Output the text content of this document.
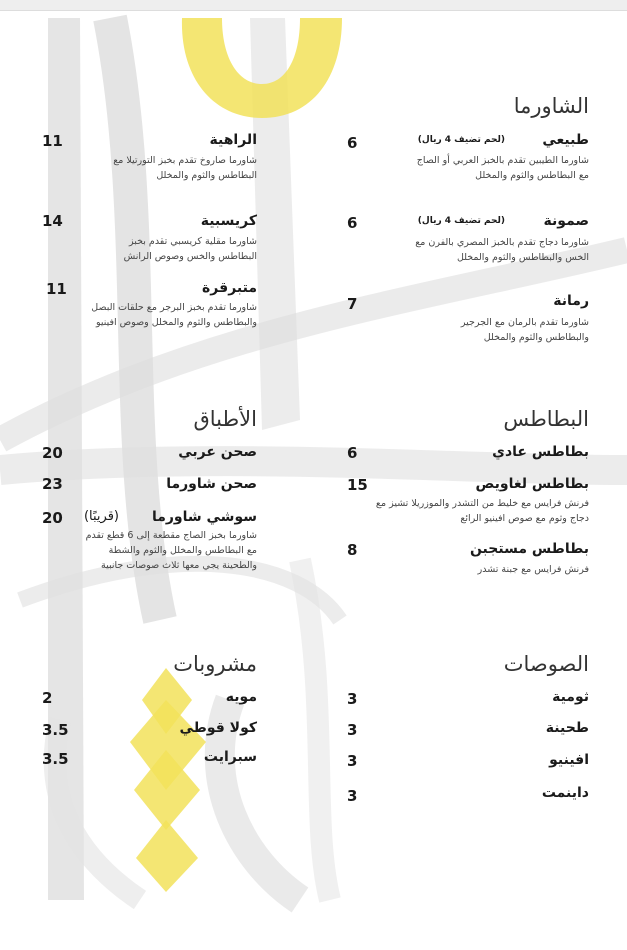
الشاورما
طبيعي
(لحم تضيف 4 ريال)
شاورما الطيبين تقدم بالخبز العربي أو الصاج مع البطاطس والثوم والمخلل
6
صمونة
(لحم تضيف 4 ريال)
شاورما دجاج تقدم بالخبز المصري بالفرن مع الخس والبطاطس والثوم والمخلل
6
رمانة
شاورما تقدم بالرمان مع الجرجير والبطاطس والثوم والمخلل
7
الراهية
شاورما صاروخ تقدم بخبز التورتيلا مع البطاطس والثوم والمخلل
11
كريسبية
شاورما مقلية كريسبي تقدم بخبز البطاطس والخس وصوص الرانش
14
متبرقرة
شاورما تقدم بخبز البرجر مع حلقات البصل والبطاطس والثوم والمخلل وصوص افينيو
11
البطاطس
بطاطس عادي
6
بطاطس لغاويص
فرنش فرايس مع خليط من التشدر والموزريلا تشيز مع دجاج وثوم مع صوص افينيو الرائع
15
بطاطس مستجبن
فرنش فرايس مع جبنة تشدر
8
الأطباق
صحن عربي
20
صحن شاورما
23
سوشي شاورما
(قريبًا)
شاورما بخبز الصاج مقطعة إلى 6 قطع تقدم مع البطاطس والمخلل والثوم والشطة والطحينة يجي معها ثلاث صوصات جانبية
20
الصوصات
ثومية
3
طحينة
3
افينيو
3
داينمت
3
مشروبات
مويه
2
كولا قوطي
3.5
سبرايت
3.5
